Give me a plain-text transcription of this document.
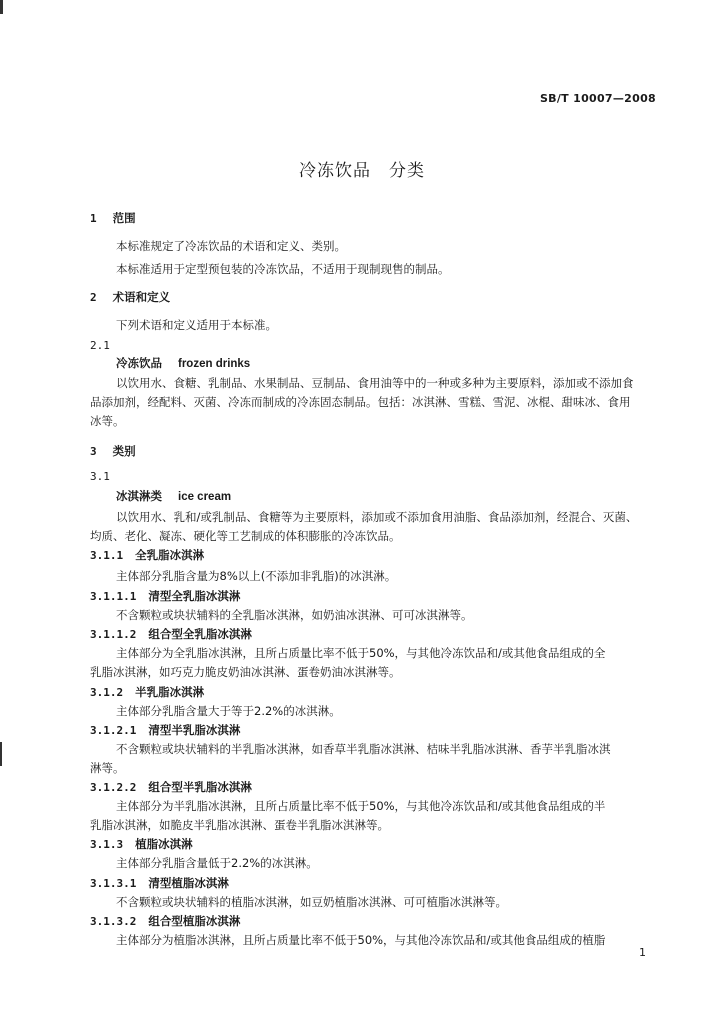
SB/T 10007—2008
冷冻饮品 分类
1 范围
本标准规定了冷冻饮品的术语和定义、类别。
本标准适用于定型预包装的冷冻饮品，不适用于现制现售的制品。
2 术语和定义
下列术语和定义适用于本标准。
2.1
冷冻饮品 frozen drinks
以饮用水、食糖、乳制品、水果制品、豆制品、食用油等中的一种或多种为主要原料，添加或不添加食
品添加剂，经配料、灭菌、冷冻而制成的冷冻固态制品。包括：冰淇淋、雪糕、雪泥、冰棍、甜味冰、食用
冰等。
3 类别
3.1
冰淇淋类 ice cream
以饮用水、乳和/或乳制品、食糖等为主要原料，添加或不添加食用油脂、食品添加剂，经混合、灭菌、
均质、老化、凝冻、硬化等工艺制成的体积膨胀的冷冻饮品。
3.1.1 全乳脂冰淇淋
主体部分乳脂含量为8%以上(不添加非乳脂)的冰淇淋。
3.1.1.1 清型全乳脂冰淇淋
不含颗粒或块状辅料的全乳脂冰淇淋，如奶油冰淇淋、可可冰淇淋等。
3.1.1.2 组合型全乳脂冰淇淋
主体部分为全乳脂冰淇淋，且所占质量比率不低于50%，与其他冷冻饮品和/或其他食品组成的全
乳脂冰淇淋，如巧克力脆皮奶油冰淇淋、蛋卷奶油冰淇淋等。
3.1.2 半乳脂冰淇淋
主体部分乳脂含量大于等于2.2%的冰淇淋。
3.1.2.1 清型半乳脂冰淇淋
不含颗粒或块状辅料的半乳脂冰淇淋，如香草半乳脂冰淇淋、桔味半乳脂冰淇淋、香芋半乳脂冰淇
淋等。
3.1.2.2 组合型半乳脂冰淇淋
主体部分为半乳脂冰淇淋，且所占质量比率不低于50%，与其他冷冻饮品和/或其他食品组成的半
乳脂冰淇淋，如脆皮半乳脂冰淇淋、蛋卷半乳脂冰淇淋等。
3.1.3 植脂冰淇淋
主体部分乳脂含量低于2.2%的冰淇淋。
3.1.3.1 清型植脂冰淇淋
不含颗粒或块状辅料的植脂冰淇淋，如豆奶植脂冰淇淋、可可植脂冰淇淋等。
3.1.3.2 组合型植脂冰淇淋
主体部分为植脂冰淇淋，且所占质量比率不低于50%，与其他冷冻饮品和/或其他食品组成的植脂
1
